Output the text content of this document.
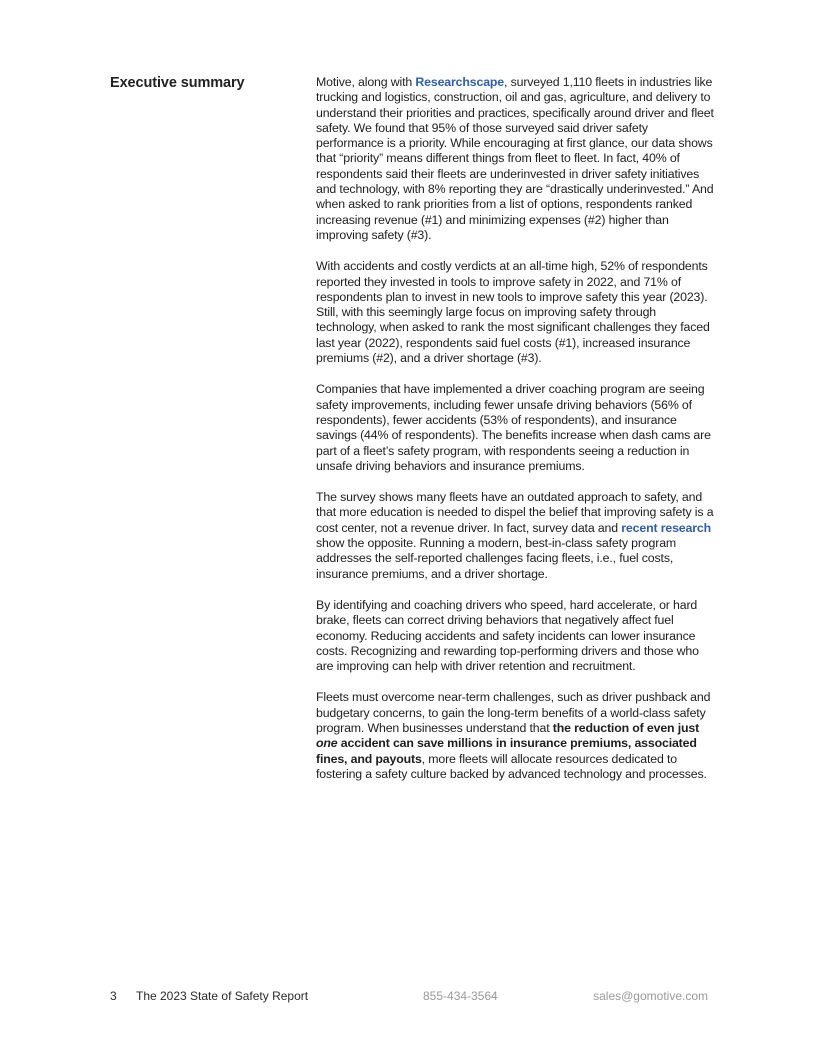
Executive summary	Motive, along with Researchscape, surveyed 1,110 fleets in industries like trucking and logistics, construction, oil and gas, agriculture, and delivery to understand their priorities and practices, specifically around driver and fleet safety. We found that 95% of those surveyed said driver safety performance is a priority. While encouraging at first glance, our data shows that “priority” means different things from fleet to fleet. In fact, 40% of respondents said their fleets are underinvested in driver safety initiatives and technology, with 8% reporting they are “drastically underinvested.” And when asked to rank priorities from a list of options, respondents ranked increasing revenue (#1) and minimizing expenses (#2) higher than improving safety (#3).

With accidents and costly verdicts at an all-time high, 52% of respondents reported they invested in tools to improve safety in 2022, and 71% of respondents plan to invest in new tools to improve safety this year (2023). Still, with this seemingly large focus on improving safety through technology, when asked to rank the most significant challenges they faced last year (2022), respondents said fuel costs (#1), increased insurance premiums (#2), and a driver shortage (#3).

Companies that have implemented a driver coaching program are seeing safety improvements, including fewer unsafe driving behaviors (56% of respondents), fewer accidents (53% of respondents), and insurance savings (44% of respondents). The benefits increase when dash cams are part of a fleet’s safety program, with respondents seeing a reduction in unsafe driving behaviors and insurance premiums.

The survey shows many fleets have an outdated approach to safety, and that more education is needed to dispel the belief that improving safety is a cost center, not a revenue driver. In fact, survey data and recent research show the opposite. Running a modern, best-in-class safety program addresses the self-reported challenges facing fleets, i.e., fuel costs, insurance premiums, and a driver shortage.

By identifying and coaching drivers who speed, hard accelerate, or hard brake, fleets can correct driving behaviors that negatively affect fuel economy. Reducing accidents and safety incidents can lower insurance costs. Recognizing and rewarding top-performing drivers and those who are improving can help with driver retention and recruitment.

Fleets must overcome near-term challenges, such as driver pushback and budgetary concerns, to gain the long-term benefits of a world-class safety program. When businesses understand that the reduction of even just one accident can save millions in insurance premiums, associated fines, and payouts, more fleets will allocate resources dedicated to fostering a safety culture backed by advanced technology and processes.

3 The 2023 State of Safety Report	855-434-3564	sales@gomotive.com
